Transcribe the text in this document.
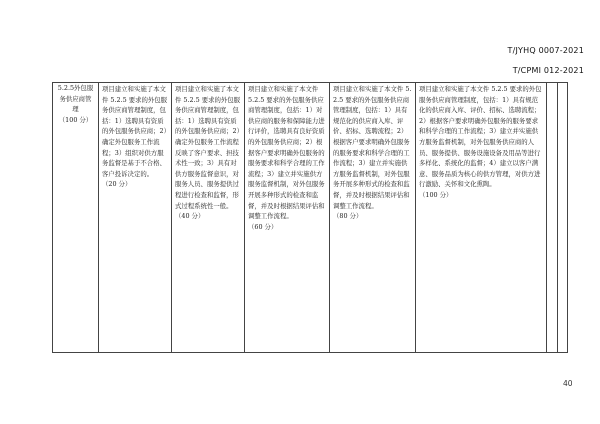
T/JYHQ 0007-2021
T/CPMI 012-2021
5.2.5外包服务供应商管理
（100 分）

项目建立和实施了本文件 5.2.5 要求的外包服务供应商管理制度，包括：1）选聘具有资质的外包服务供应商；2）确定外包服务工作流程；3）组织对供方服务监督是基于不合格、客户投诉决定的。
（20 分）

项目建立和实施了本文件 5.2.5 要求的外包服务供应商管理制度，包括：1）选聘具有资质的外包服务供应商；2）确定外包服务工作流程反映了客户要求、担技术性一致；3）具有对供方服务监督意识，对服务人员、服务提供过程进行检查和监督，形式过程系统性一般。
（40 分）

项目建立和实施了本文件 5.2.5 要求的外包服务供应商管理制度，包括：1）对供应商的服务和保障能力进行评价，选聘具有良好资质的外包服务供应商；2）根据客户要求明确外包服务的服务要求和科学合理的工作流程；3）建立并实施供方服务监督机制，对外包服务开展多种形式的检查和监督，并及时根据结果评估和调整工作流程。
（60 分）

项目建立和实施了本文件 5.2.5 要求的外包服务供应商管理制度，包括：1）具有规范化的供应商入库、评价、招标、选聘流程；2）根据客户要求明确外包服务的服务要求和科学合理的工作流程；3）建立并实施供方服务监督机制，对外包服务开展多种形式的检查和监督，并及时根据结果评估和调整工作流程。
（80 分）

项目建立和实施了本文件 5.2.5 要求的外包服务供应商管理制度，包括：1）具有规范化的供应商入库、评价、招标、选聘流程；2）根据客户要求明确外包服务的服务要求和科学合理的工作流程；3）建立并实施供方服务监督机制，对外包服务供应商的人员、服务提供、服务设施设备及用品等进行多样化、系统化的监督；4）建立以客户满意、服务品质为核心的供方管理，对供方进行激励、关怀和文化熏陶。
（100 分）

40
